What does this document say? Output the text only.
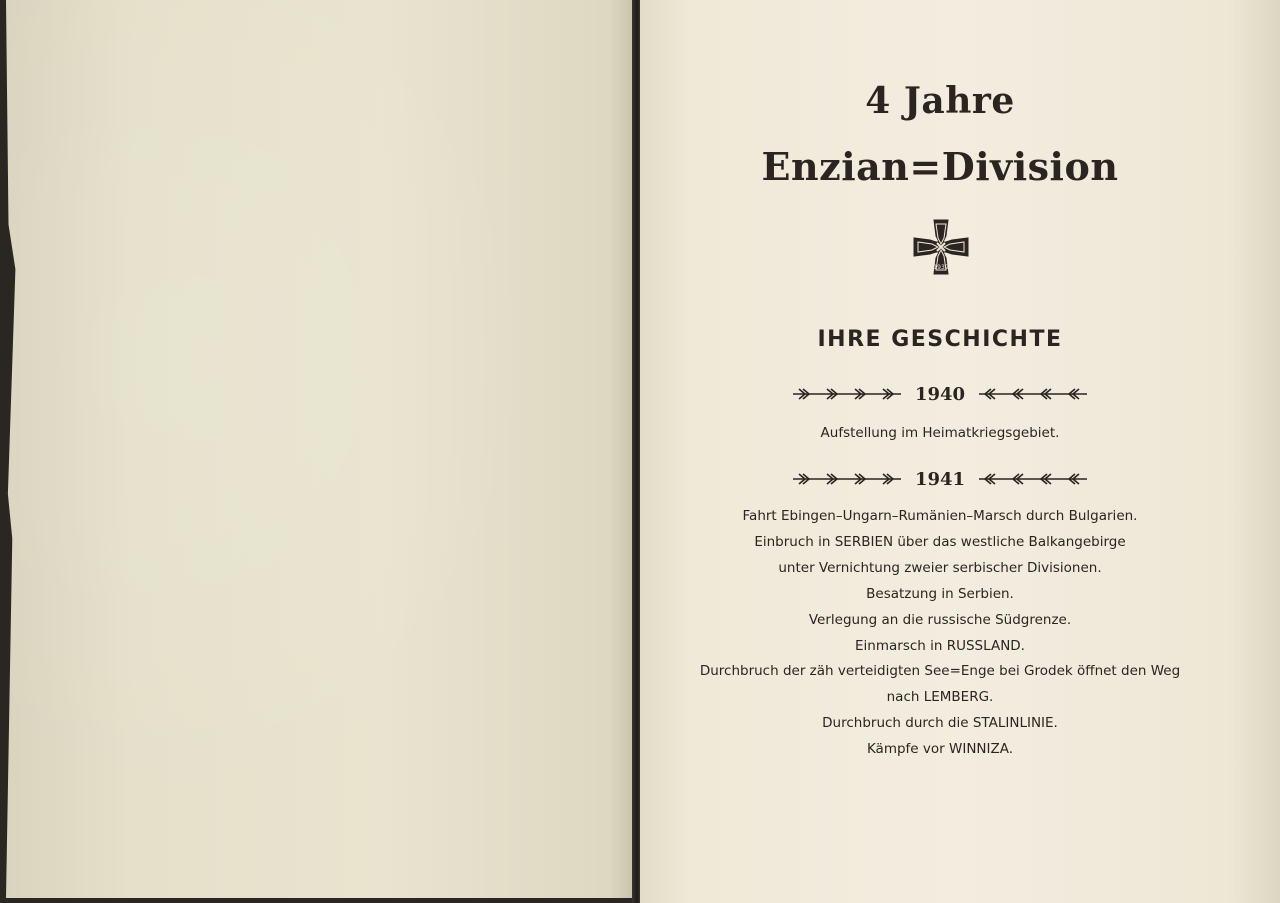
4 Jahre
Enzian=Division
1939
IHRE GESCHICHTE
1940
Aufstellung im Heimatkriegsgebiet.
1941
Fahrt Ebingen–Ungarn–Rumänien–Marsch durch Bulgarien.
Einbruch in SERBIEN über das westliche Balkangebirge
unter Vernichtung zweier serbischer Divisionen.
Besatzung in Serbien.
Verlegung an die russische Südgrenze.
Einmarsch in RUSSLAND.
Durchbruch der zäh verteidigten See=Enge bei Grodek öffnet den Weg
nach LEMBERG.
Durchbruch durch die STALINLINIE.
Kämpfe vor WINNIZA.
